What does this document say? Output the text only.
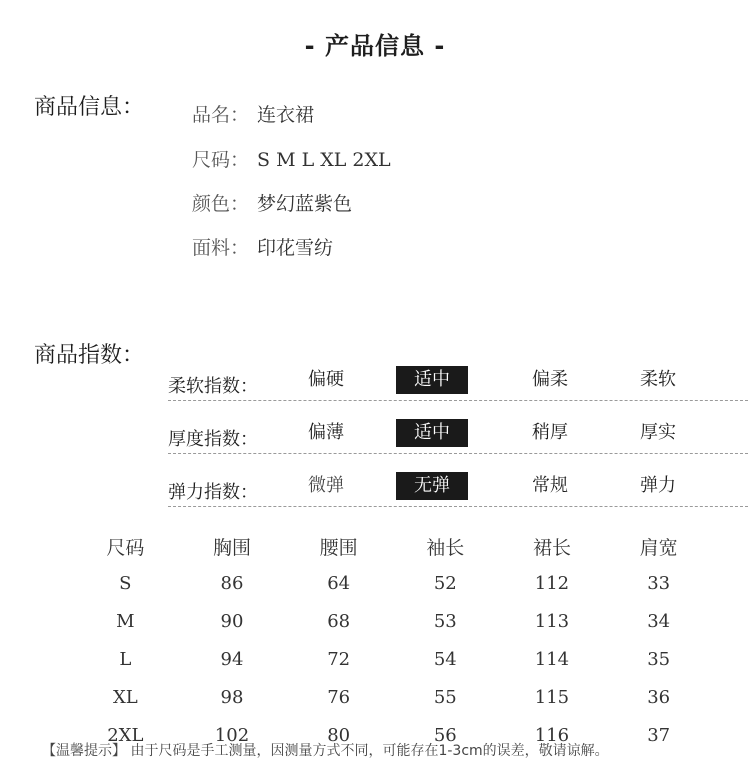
- 产品信息 -
商品信息：	品名： 连衣裙
尺码： S M L XL 2XL
颜色： 梦幻蓝紫色
面料： 印花雪纺
商品指数：
柔软指数：	偏硬	适中	偏柔	柔软
厚度指数：	偏薄	适中	稍厚	厚实
弹力指数：	微弹	无弹	常规	弹力
尺码	胸围	腰围	袖长	裙长	肩宽
S	86	64	52	112	33
M	90	68	53	113	34
L	94	72	54	114	35
XL	98	76	55	115	36
2XL	102	80	56	116	37
【温馨提示】 由于尺码是手工测量，因测量方式不同，可能存在1-3cm的误差，敬请谅解。
